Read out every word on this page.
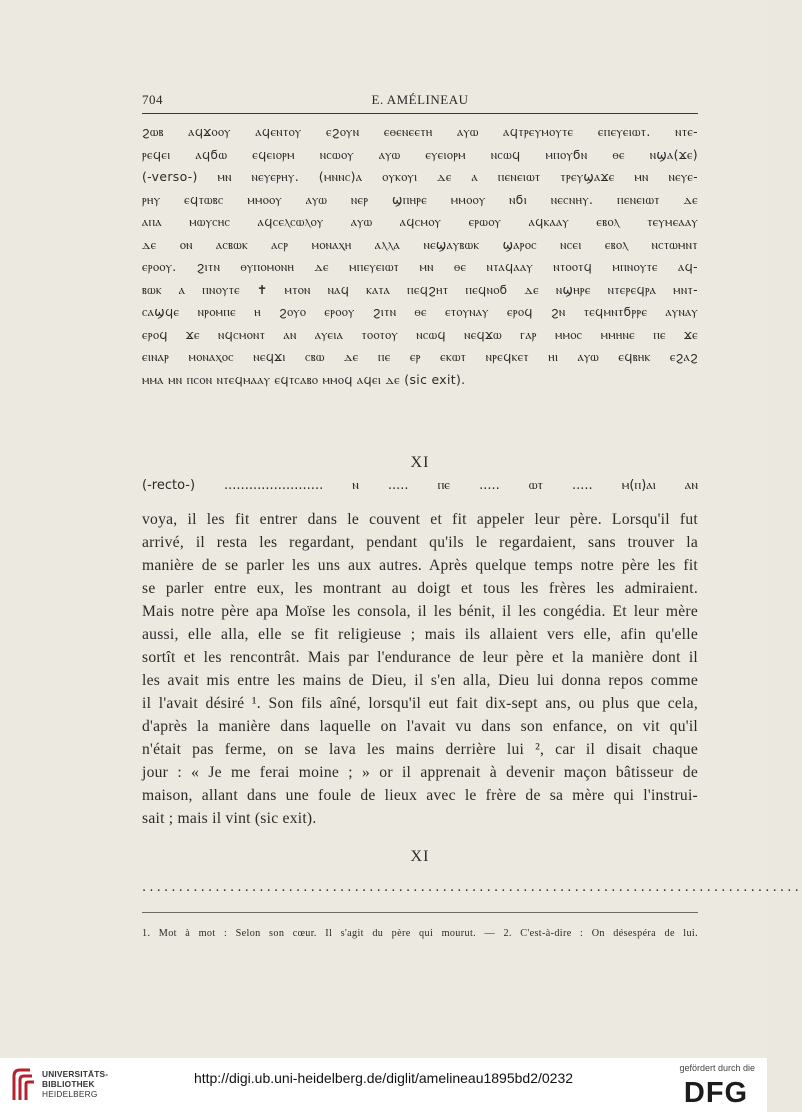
704	E. AMÉLINEAU
ϩⲱⲃ ⲁϥϫⲟⲟⲩ ⲁϥⲉⲛⲧⲟⲩ ⲉϩⲟⲩⲛ ⲉⲑⲉⲛⲉⲉⲧⲏ ⲁⲩⲱ ⲁϥⲧⲣⲉⲩⲙⲟⲩⲧⲉ ⲉⲡⲉⲩⲉⲓⲱⲧ. ⲛⲧⲉ-
ⲣⲉϥⲉⲓ ⲁϥϭⲱ ⲉϥⲉⲓⲟⲣⲙ ⲛⲥⲱⲟⲩ ⲁⲩⲱ ⲉⲩⲉⲓⲟⲣⲙ ⲛⲥⲱϥ ⲙⲡⲟⲩϭⲛ ⲑⲉ ⲛϣⲁ(ϫⲉ)
(-verso-) ⲙⲛ ⲛⲉⲩⲉⲣⲏⲩ. (ⲙⲛⲛⲥ)ⲁ ⲟⲩⲕⲟⲩⲓ ⲇⲉ ⲁ ⲡⲉⲛⲉⲓⲱⲧ ⲧⲣⲉⲩϣⲁϫⲉ ⲙⲛ ⲛⲉⲩⲉ-
ⲣⲏⲩ ⲉϥⲧⲱⲃⲥ ⲙⲙⲟⲟⲩ ⲁⲩⲱ ⲛⲉⲣ ϣⲡⲏⲣⲉ ⲙⲙⲟⲟⲩ ⲛϭⲓ ⲛⲉⲥⲛⲏⲩ. ⲡⲉⲛⲉⲓⲱⲧ ⲇⲉ
ⲁⲡⲁ ⲙⲱⲩⲥⲏⲥ ⲁϥⲥⲉⲗⲥⲱⲗⲟⲩ ⲁⲩⲱ ⲁϥⲥⲙⲟⲩ ⲉⲣⲱⲟⲩ ⲁϥⲕⲁⲁⲩ ⲉⲃⲟⲗ ⲧⲉⲩⲙⲉⲁⲁⲩ
ⲇⲉ ⲟⲛ ⲁⲥⲃⲱⲕ ⲁⲥⲣ ⲙⲟⲛⲁⲭⲏ ⲁⲗⲗⲁ ⲛⲉϣⲁⲩⲃⲱⲕ ϣⲁⲣⲟⲥ ⲛⲥⲉⲓ ⲉⲃⲟⲗ ⲛⲥⲧⲱⲙⲛⲧ
ⲉⲣⲟⲟⲩ. ϩⲓⲧⲛ ⲑⲩⲡⲟⲙⲟⲛⲏ ⲇⲉ ⲙⲡⲉⲩⲉⲓⲱⲧ ⲙⲛ ⲑⲉ ⲛⲧⲁϥⲁⲁⲩ ⲛⲧⲟⲟⲧϥ ⲙⲡⲛⲟⲩⲧⲉ ⲁϥ-
ⲃⲱⲕ ⲁ ⲡⲛⲟⲩⲧⲉ ✝ ⲙⲧⲟⲛ ⲛⲁϥ ⲕⲁⲧⲁ ⲡⲉϥϩⲏⲧ ⲡⲉϥⲛⲟϭ ⲇⲉ ⲛϣⲏⲣⲉ ⲛⲧⲉⲣⲉϥⲣⲁ ⲙⲛⲧ-
ⲥⲁϣϥⲉ ⲛⲣⲟⲙⲡⲉ ⲏ ϩⲟⲩⲟ ⲉⲣⲟⲟⲩ ϩⲓⲧⲛ ⲑⲉ ⲉⲧⲟⲩⲛⲁⲩ ⲉⲣⲟϥ ϩⲛ ⲧⲉϥⲙⲛⲧϭⲣⲣⲉ ⲁⲩⲛⲁⲩ
ⲉⲣⲟϥ ϫⲉ ⲛϥⲥⲙⲟⲛⲧ ⲁⲛ ⲁⲩⲉⲓⲁ ⲧⲟⲟⲧⲟⲩ ⲛⲥⲱϥ ⲛⲉϥϫⲱ ⲅⲁⲣ ⲙⲙⲟⲥ ⲙⲙⲏⲛⲉ ⲡⲉ ϫⲉ
ⲉⲓⲛⲁⲣ ⲙⲟⲛⲁⲭⲟⲥ ⲛⲉϥϫⲓ ⲥⲃⲱ ⲇⲉ ⲡⲉ ⲉⲣ ⲉⲕⲱⲧ ⲛⲣⲉϥⲕⲉⲧ ⲏⲓ ⲁⲩⲱ ⲉϥⲃⲏⲕ ⲉϩⲁϩ
ⲙⲙⲁ ⲙⲛ ⲡⲥⲟⲛ ⲛⲧⲉϥⲙⲁⲁⲩ ⲉϥⲧⲥⲁⲃⲟ ⲙⲙⲟϥ ⲁϥⲉⲓ ⲇⲉ (sic exit).
XI
(-recto-) ........................ ⲛ ..... ⲡⲉ ..... ⲱⲧ ..... ⲙ(ⲡ)ⲁⲓ ⲁⲛ
voya, il les fit entrer dans le couvent et fit appeler leur père. Lorsqu'il fut
arrivé, il resta les regardant, pendant qu'ils le regardaient, sans trouver la
manière de se parler les uns aux autres. Après quelque temps notre père les fit
se parler entre eux, les montrant au doigt et tous les frères les admiraient.
Mais notre père apa Moïse les consola, il les bénit, il les congédia. Et leur mère
aussi, elle alla, elle se fit religieuse ; mais ils allaient vers elle, afin qu'elle
sortît et les rencontrât. Mais par l'endurance de leur père et la manière dont il
les avait mis entre les mains de Dieu, il s'en alla, Dieu lui donna repos comme
il l'avait désiré ¹. Son fils aîné, lorsqu'il eut fait dix-sept ans, ou plus que cela,
d'après la manière dans laquelle on l'avait vu dans son enfance, on vit qu'il
n'était pas ferme, on se lava les mains derrière lui ², car il disait chaque
jour : « Je me ferai moine ; » or il apprenait à devenir maçon bâtisseur de
maison, allant dans une foule de lieux avec le frère de sa mère qui l'instrui-
sait ; mais il vint (sic exit).
XI
..........................................................................................
1. Mot à mot : Selon son cœur. Il s'agit du père qui mourut. — 2. C'est-à-dire : On désespéra de lui.
UNIVERSITÄTS-
BIBLIOTHEK
HEIDELBERG
http://digi.ub.uni-heidelberg.de/diglit/amelineau1895bd2/0232
gefördert durch die
DFG
